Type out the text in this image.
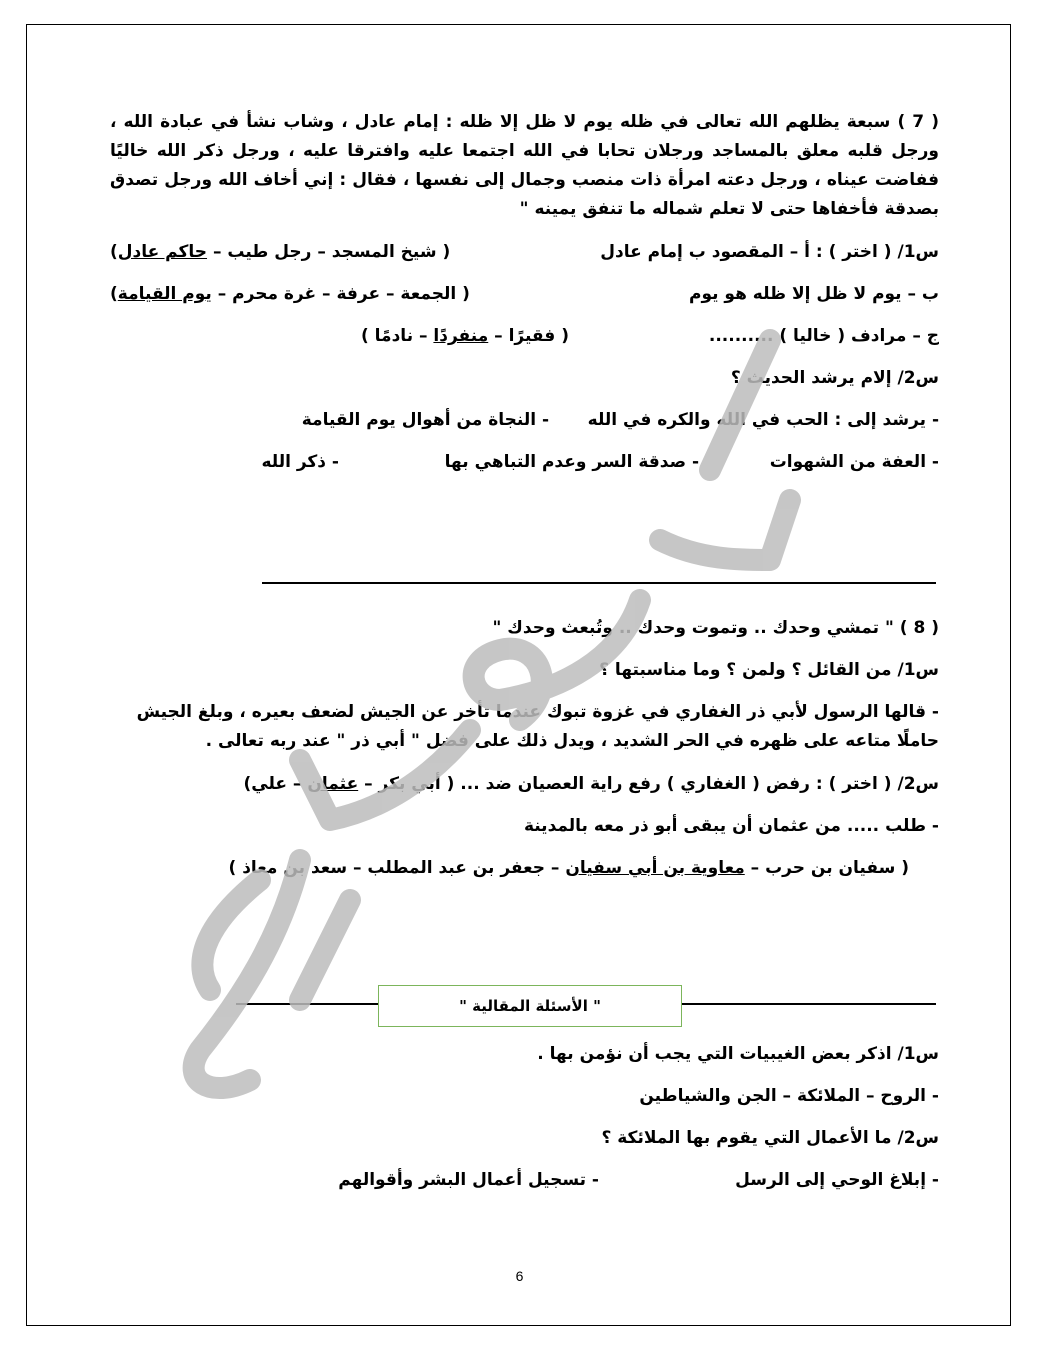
( 7 ) سبعة يظلهم الله تعالى في ظله يوم لا ظل إلا ظله : إمام عادل ، وشاب نشأ في عبادة الله ، ورجل قلبه معلق بالمساجد ورجلان تحابا في الله اجتمعا عليه وافترقا عليه ، ورجل ذكر الله خاليًا ففاضت عيناه ، ورجل دعته امرأة ذات منصب وجمال إلى نفسها ، فقال : إني أخاف الله ورجل تصدق بصدقة فأخفاها حتى لا تعلم شماله ما تنفق يمينه "

س1/ ( اختر ) : أ – المقصود ب إمام عادل
( شيخ المسجد – رجل طيب – حاكم عادل)
ب – يوم لا ظل إلا ظله هو يوم
( الجمعة – عرفة – غرة محرم – يوم القيامة)
ج – مرادف ( خاليا ) ..........
( فقيرًا – منفردًا – نادمًا )
س2/ إلام يرشد الحديث ؟
- يرشد إلى : الحب في الله والكره في الله
- النجاة من أهوال يوم القيامة
- العفة من الشهوات
- صدقة السر وعدم التباهي بها
- ذكر الله
( 8 ) " تمشي وحدك .. وتموت وحدك .. وتُبعث وحدك "
س1/ من القائل ؟ ولمن ؟ وما مناسبتها ؟

- قالها الرسول لأبي ذر الغفاري في غزوة تبوك عندما تأخر عن الجيش لضعف بعيره ، وبلغ الجيش حاملًا متاعه على ظهره في الحر الشديد ، ويدل ذلك على فضل " أبي ذر " عند ربه تعالى .

س2/ ( اختر ) : رفض ( الغفاري ) رفع راية العصيان ضد ... ( أبي بكر –

عثمان

– علي)
- طلب ..... من عثمان أن يبقى أبو ذر معه بالمدينة
( سفيان بن حرب –

معاوية بن أبي سفيان

– جعفر بن عبد المطلب – سعد بن معاذ )
" الأسئلة المقالية "
س1/ اذكر بعض الغيبيات التي يجب أن نؤمن بها .
- الروح – الملائكة – الجن والشياطين
س2/ ما الأعمال التي يقوم بها الملائكة ؟
- إبلاغ الوحي إلى الرسل
- تسجيل أعمال البشر وأقوالهم
6
